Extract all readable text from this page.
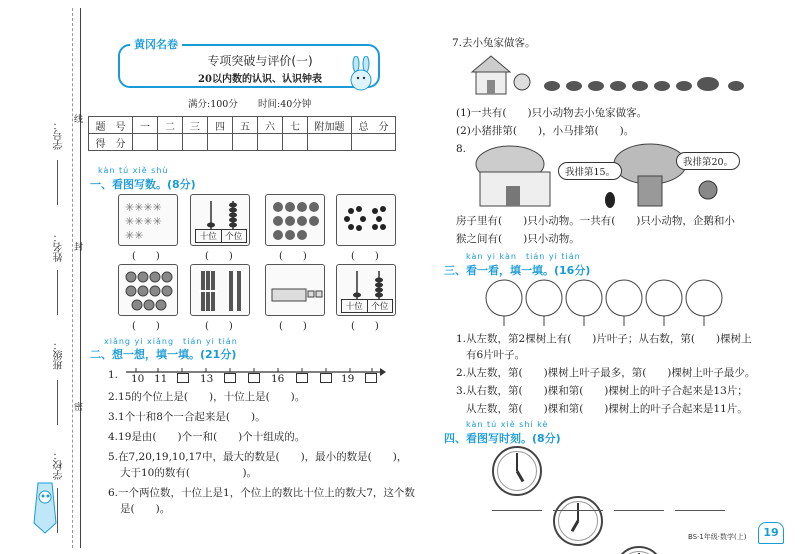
学号：
姓名：
班级：
学校：
线
封
密
黄冈名卷
专项突破与评价(一)
20以内数的认识、认识钟表
满分:100分 时间:40分钟
题　号	一	二	三	四	五	六	七	附加题	总　分
得　分									
kàn tú xiě shù
一、看图写数。(8分)
✳✳✳✳
✳✳✳✳
✳✳	十位 个位
(　　)	(　　)	(　　)	(　　)
十位 个位
(　　)	(　　)	(　　)	(　　)
xiǎng yi xiǎng　tián yi tián
二、想一想，填一填。(21分)
1. 10 11	13	16	19
2.15的个位上是(　　)，十位上是(　　)。
3.1个十和8个一合起来是(　　)。
4.19是由(　　)个一和(　　)个十组成的。
5.在7,20,19,10,17中，最大的数是(　　)，最小的数是(　　)，
大于10的数有(　　　　　)。
6.一个两位数，十位上是1，个位上的数比十位上的数大7，这个数
是(　　)。
7.去小兔家做客。
(1)一共有(　　)只小动物去小兔家做客。
(2)小猪排第(　　)，小马排第(　　)。
8.
我排第15。
我排第20。
房子里有(　　)只小动物。一共有(　　)只小动物，企鹅和小
猴之间有(　　)只小动物。
kàn yi kàn　tián yi tián
三、看一看，填一填。(16分)
1.从左数，第2棵树上有(　　)片叶子；从右数，第(　　)棵树上
有6片叶子。
2.从左数，第(　　)棵树上叶子最多，第(　　)棵树上叶子最少。
3.从右数，第(　　)棵和第(　　)棵树上的叶子合起来是13片；
从左数，第(　　)棵和第(　　)棵树上的叶子合起来是11片。
kàn tú xiě shí kè
四、看图写时刻。(8分)
BS·1年级·数学(上)	19
